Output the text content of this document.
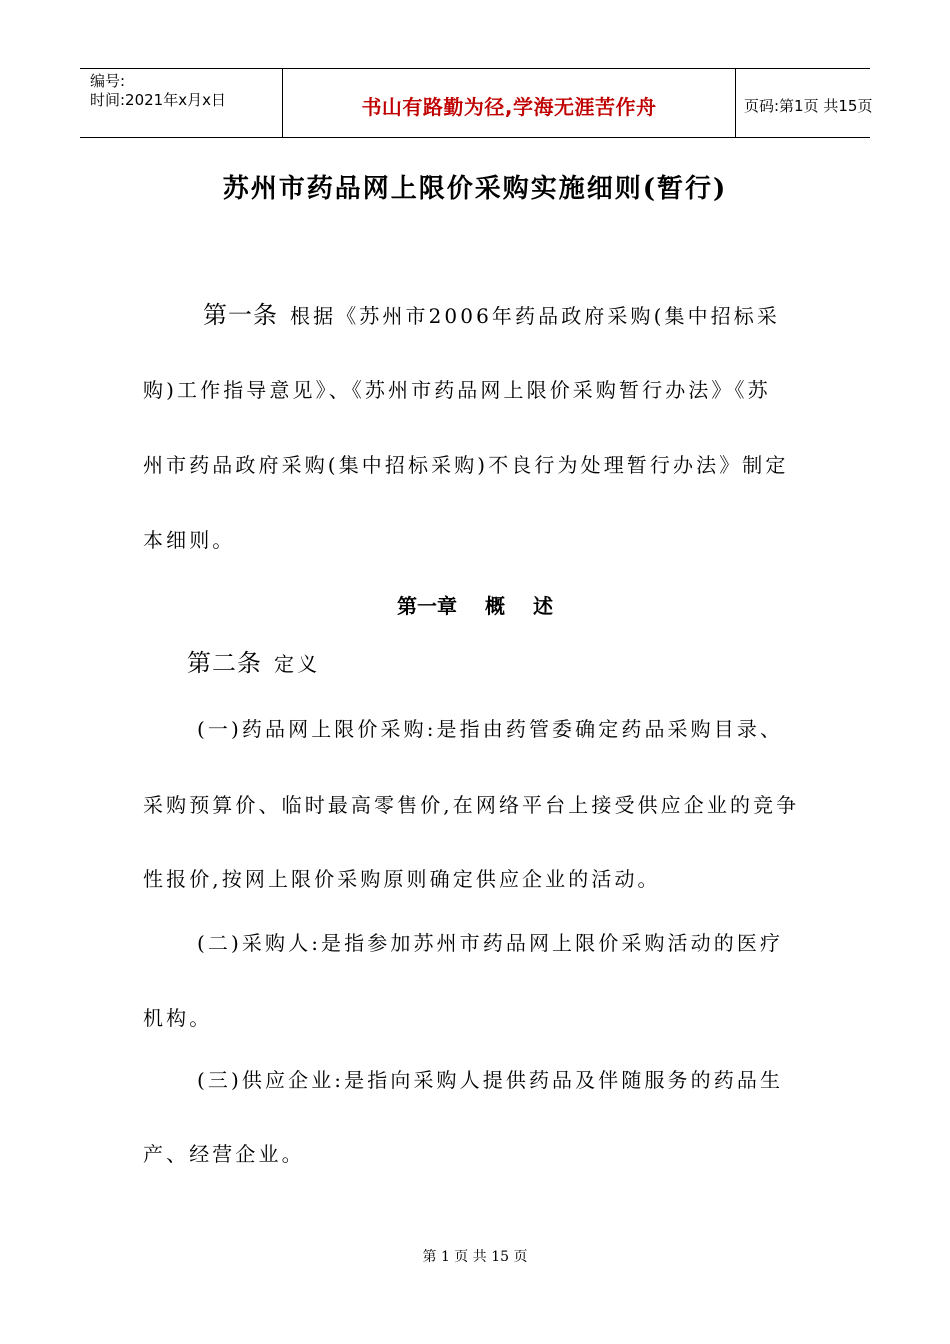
编号:
时间:2021年x月x日	书山有路勤为径,学海无涯苦作舟	页码:第1页 共15页
苏州市药品网上限价采购实施细则(暂行)
第一条 根据《苏州市2006年药品政府采购(集中招标采
购)工作指导意见》、《苏州市药品网上限价采购暂行办法》《苏
州市药品政府采购(集中招标采购)不良行为处理暂行办法》制定
本细则。
第一章 概 述
第二条 定义
(一)药品网上限价采购:是指由药管委确定药品采购目录、
采购预算价、临时最高零售价,在网络平台上接受供应企业的竞争
性报价,按网上限价采购原则确定供应企业的活动。
(二)采购人:是指参加苏州市药品网上限价采购活动的医疗
机构。
(三)供应企业:是指向采购人提供药品及伴随服务的药品生
产、经营企业。
第 1 页 共 15 页
